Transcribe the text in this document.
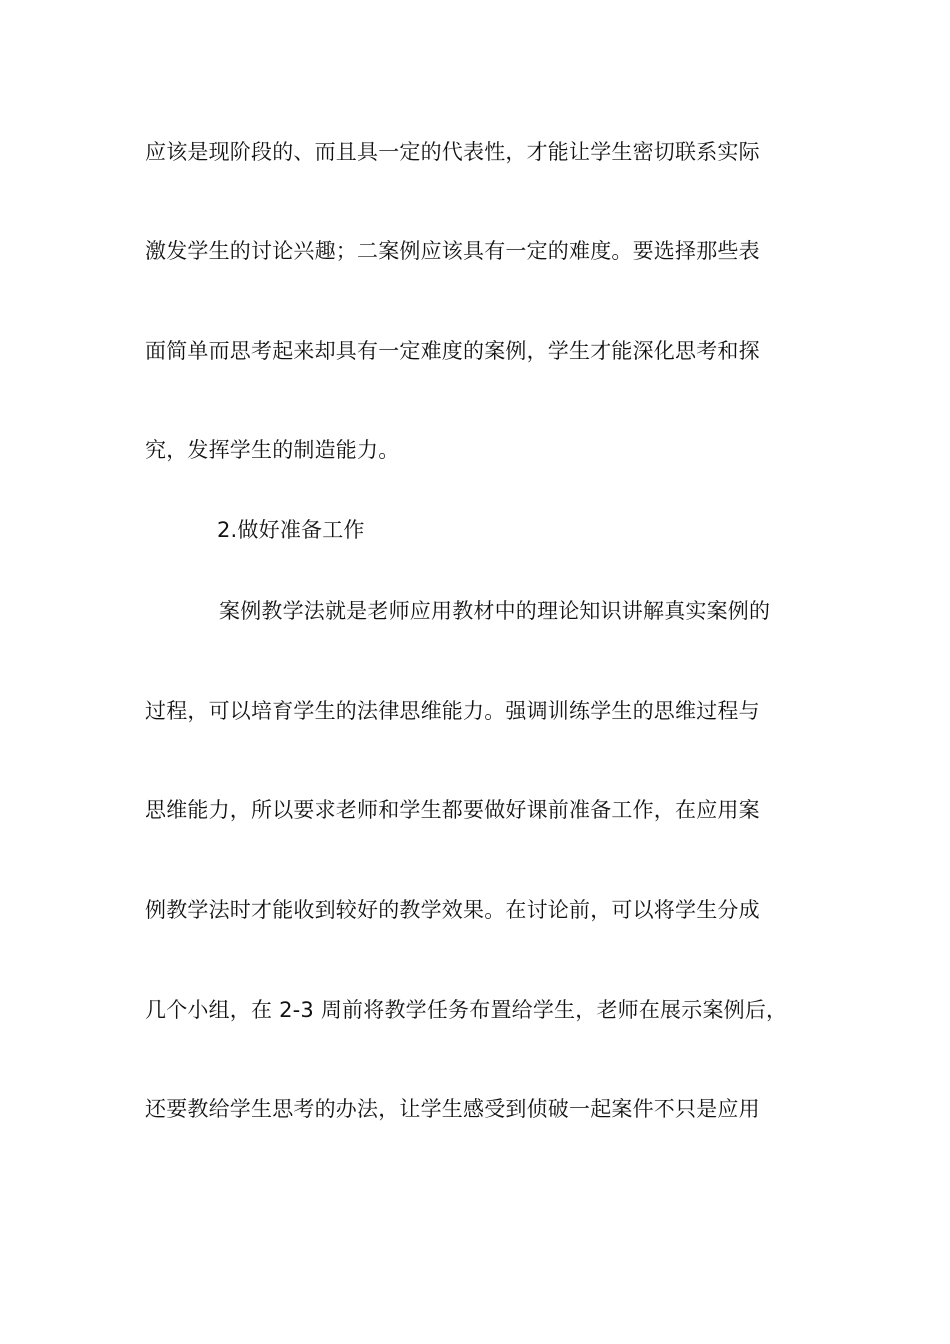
应该是现阶段的、而且具一定的代表性，才能让学生密切联系实际
激发学生的讨论兴趣；二案例应该具有一定的难度。要选择那些表
面简单而思考起来却具有一定难度的案例，学生才能深化思考和探
究，发挥学生的制造能力。
2.做好准备工作
案例教学法就是老师应用教材中的理论知识讲解真实案例的
过程，可以培育学生的法律思维能力。强调训练学生的思维过程与
思维能力，所以要求老师和学生都要做好课前准备工作，在应用案
例教学法时才能收到较好的教学效果。在讨论前，可以将学生分成
几个小组，在 2-3 周前将教学任务布置给学生，老师在展示案例后，
还要教给学生思考的办法，让学生感受到侦破一起案件不只是应用
